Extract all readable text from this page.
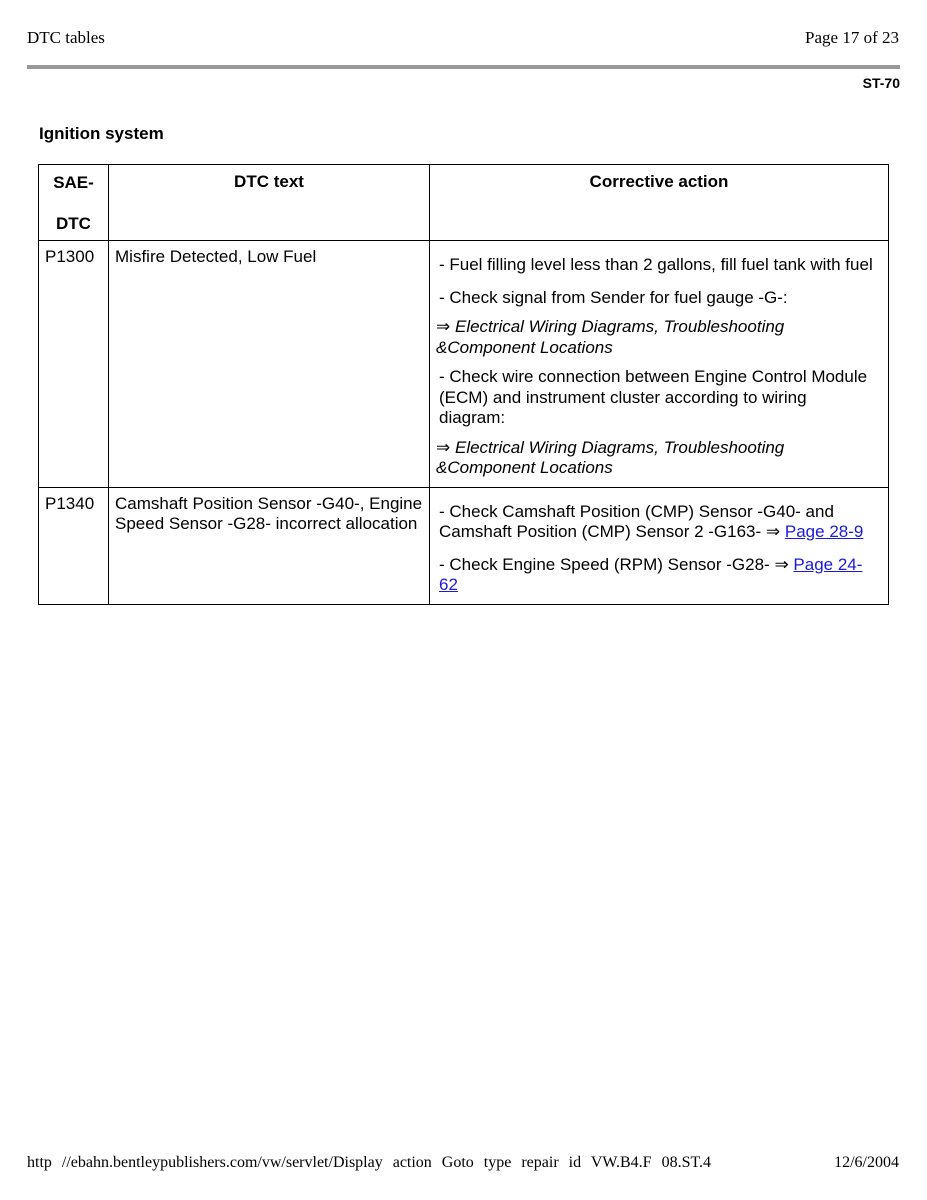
DTC tables	Page 17 of 23
ST-70
Ignition system
SAE-
DTC	DTC text	Corrective action
P1300	Misfire Detected, Low Fuel	- Fuel filling level less than 2 gallons, fill fuel tank with fuel

- Check signal from Sender for fuel gauge -G-:

⇒ Electrical Wiring Diagrams, Troubleshooting &Component Locations

- Check wire connection between Engine Control Module (ECM) and instrument cluster according to wiring diagram:

⇒ Electrical Wiring Diagrams, Troubleshooting &Component Locations

P1340	Camshaft Position Sensor -G40-, Engine Speed Sensor -G28- incorrect allocation	- Check Camshaft Position (CMP) Sensor -G40- and Camshaft Position (CMP) Sensor 2 -G163- ⇒ Page 28-9

- Check Engine Speed (RPM) Sensor -G28- ⇒ Page 24-62

http //ebahn.bentleypublishers.com/vw/servlet/Display action Goto type repair id VW.B4.F 08.ST.4	12/6/2004
